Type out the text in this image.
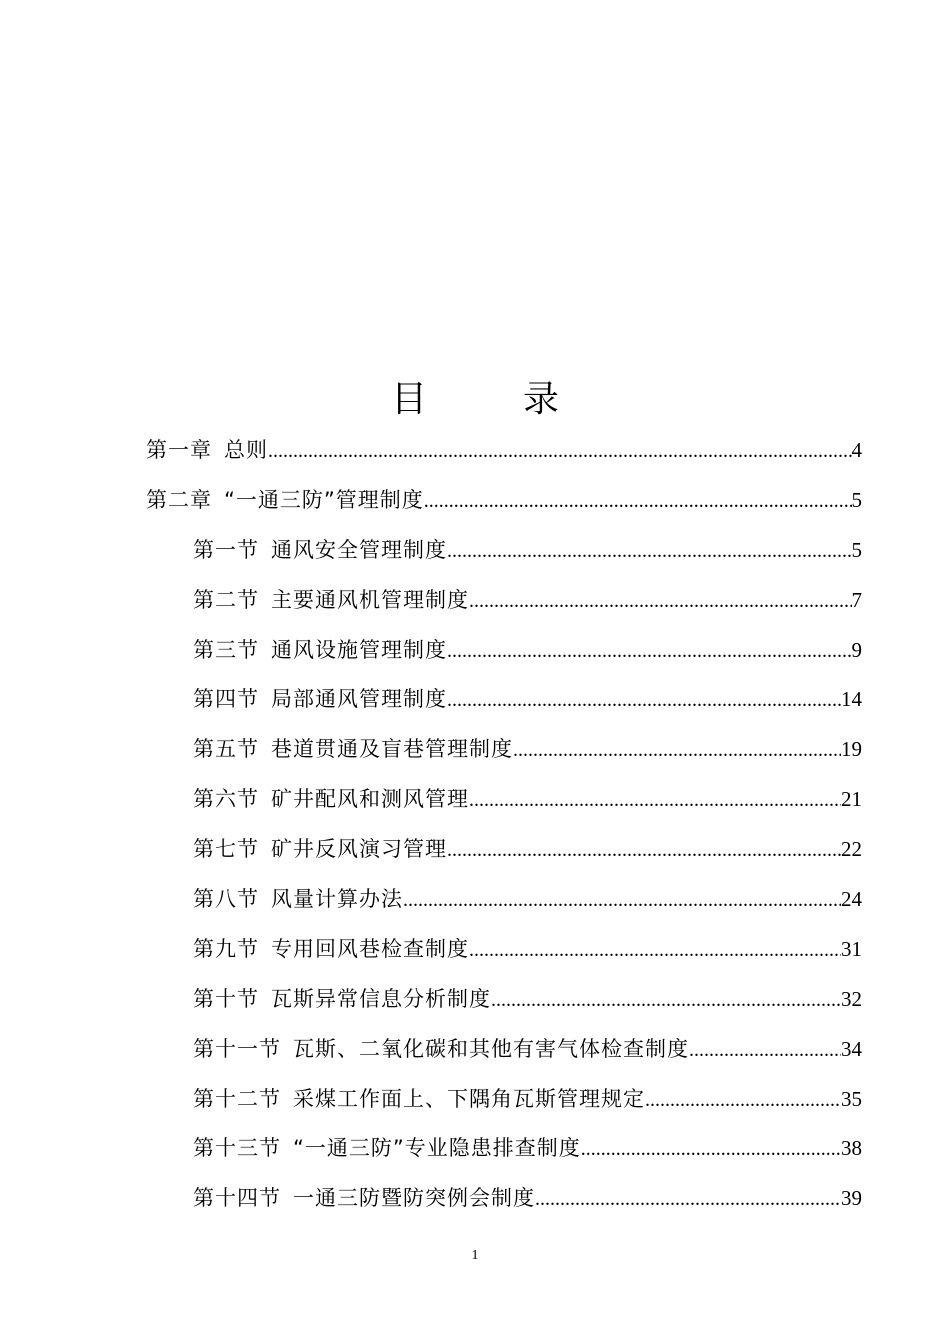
目录
第一章 总则 .....	4
第二章 “一通三防”管理制度 .....	5
第一节 通风安全管理制度 .....	5
第二节 主要通风机管理制度 .....	7
第三节 通风设施管理制度 .....	9
第四节 局部通风管理制度 .....	14
第五节 巷道贯通及盲巷管理制度 .....	19
第六节 矿井配风和测风管理 .....	21
第七节 矿井反风演习管理 .....	22
第八节 风量计算办法 .....	24
第九节 专用回风巷检查制度 .....	31
第十节 瓦斯异常信息分析制度 .....	32
第十一节 瓦斯、二氧化碳和其他有害气体检查制度 .....	34
第十二节 采煤工作面上、下隅角瓦斯管理规定 .....	35
第十三节 “一通三防”专业隐患排查制度 .....	38
第十四节 一通三防暨防突例会制度 .....	39
1
